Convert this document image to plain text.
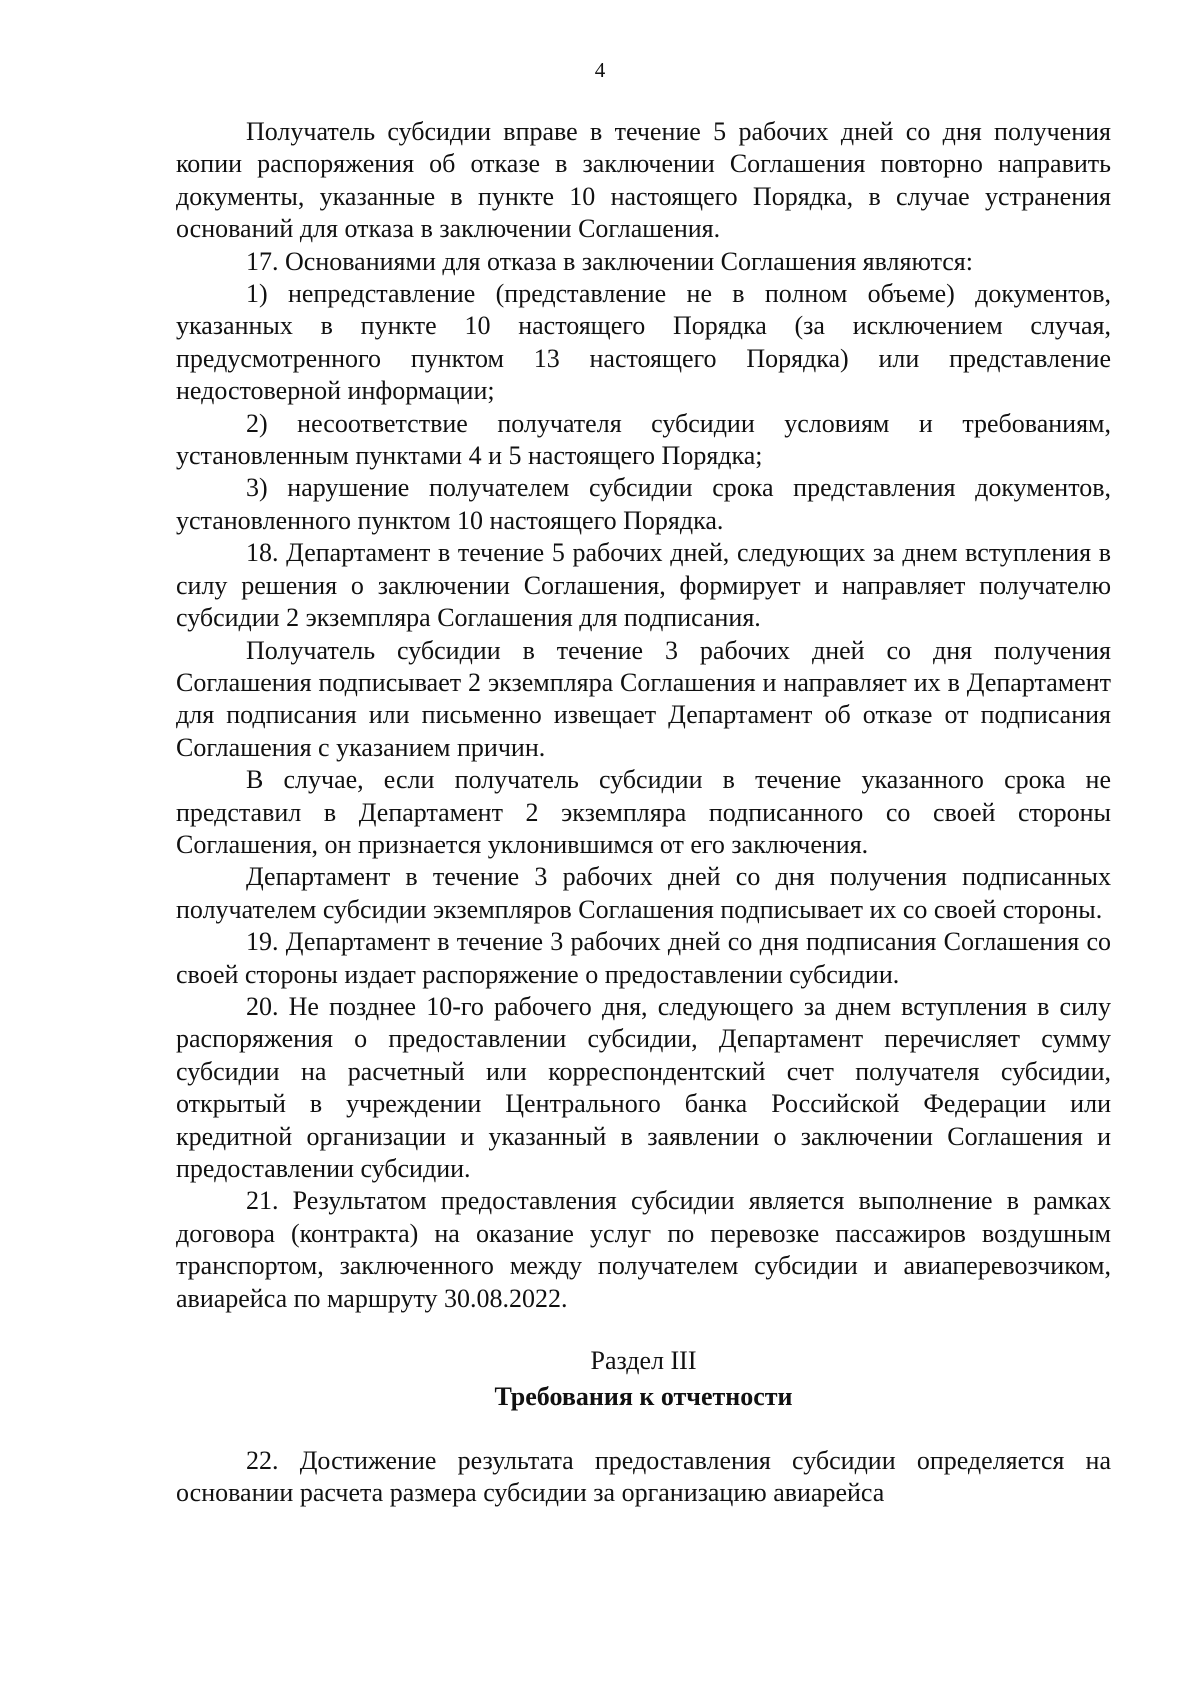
4

Получатель субсидии вправе в течение 5 рабочих дней со дня получения копии распоряжения об отказе в заключении Соглашения повторно направить документы, указанные в пункте 10 настоящего Порядка, в случае устранения оснований для отказа в заключении Соглашения.

17. Основаниями для отказа в заключении Соглашения являются:

1) непредставление (представление не в полном объеме) документов, указанных в пункте 10 настоящего Порядка (за исключением случая, предусмотренного пунктом 13 настоящего Порядка) или представление недостоверной информации;

2) несоответствие получателя субсидии условиям и требованиям, установленным пунктами 4 и 5 настоящего Порядка;

3) нарушение получателем субсидии срока представления документов, установленного пунктом 10 настоящего Порядка.

18. Департамент в течение 5 рабочих дней, следующих за днем вступления в силу решения о заключении Соглашения, формирует и направляет получателю субсидии 2 экземпляра Соглашения для подписания.

Получатель субсидии в течение 3 рабочих дней со дня получения Соглашения подписывает 2 экземпляра Соглашения и направляет их в Департамент для подписания или письменно извещает Департамент об отказе от подписания Соглашения с указанием причин.

В случае, если получатель субсидии в течение указанного срока не представил в Департамент 2 экземпляра подписанного со своей стороны Соглашения, он признается уклонившимся от его заключения.

Департамент в течение 3 рабочих дней со дня получения подписанных получателем субсидии экземпляров Соглашения подписывает их со своей стороны.

19. Департамент в течение 3 рабочих дней со дня подписания Соглашения со своей стороны издает распоряжение о предоставлении субсидии.

20. Не позднее 10-го рабочего дня, следующего за днем вступления в силу распоряжения о предоставлении субсидии, Департамент перечисляет сумму субсидии на расчетный или корреспондентский счет получателя субсидии, открытый в учреждении Центрального банка Российской Федерации или кредитной организации и указанный в заявлении о заключении Соглашения и предоставлении субсидии.

21. Результатом предоставления субсидии является выполнение в рамках договора (контракта) на оказание услуг по перевозке пассажиров воздушным транспортом, заключенного между получателем субсидии и авиаперевозчиком, авиарейса по маршруту 30.08.2022.

Раздел III
Требования к отчетности

22. Достижение результата предоставления субсидии определяется на основании расчета размера субсидии за организацию авиарейса
